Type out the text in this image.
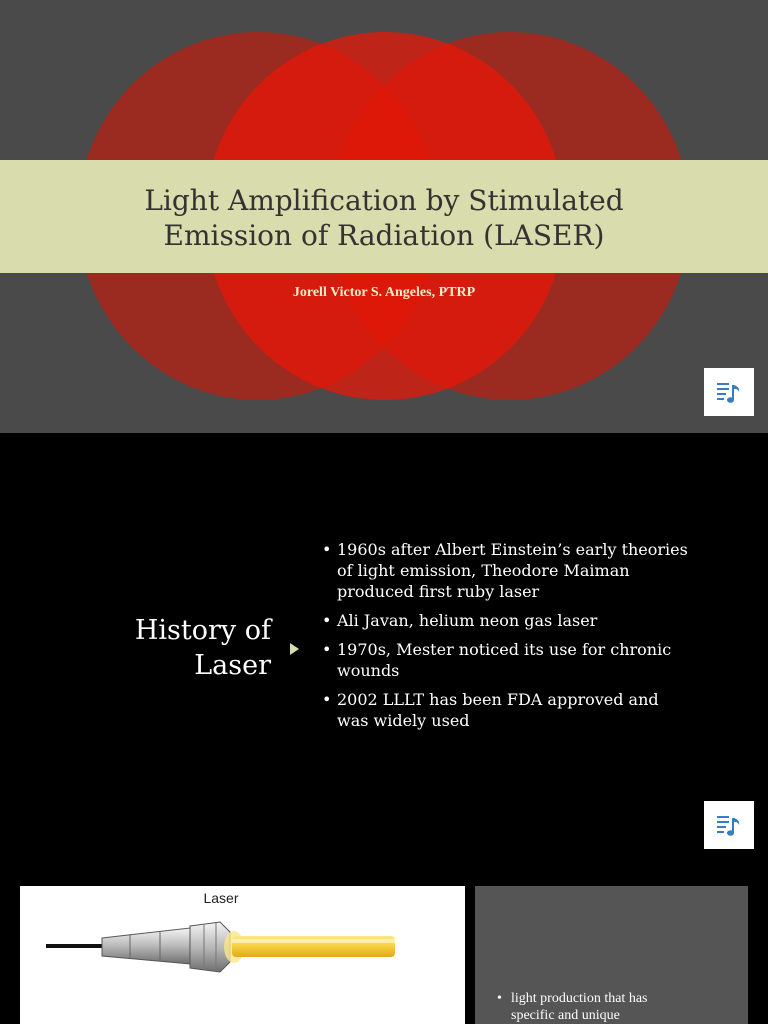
Light Amplification by Stimulated
Emission of Radiation (LASER)
Jorell Victor S. Angeles, PTRP
History of
Laser
• 1960s after Albert Einstein’s early theories of light emission, Theodore Maiman produced first ruby laser
• Ali Javan, helium neon gas laser
• 1970s, Mester noticed its use for chronic wounds
• 2002 LLLT has been FDA approved and was widely used
Laser
• light production that has
specific and unique
